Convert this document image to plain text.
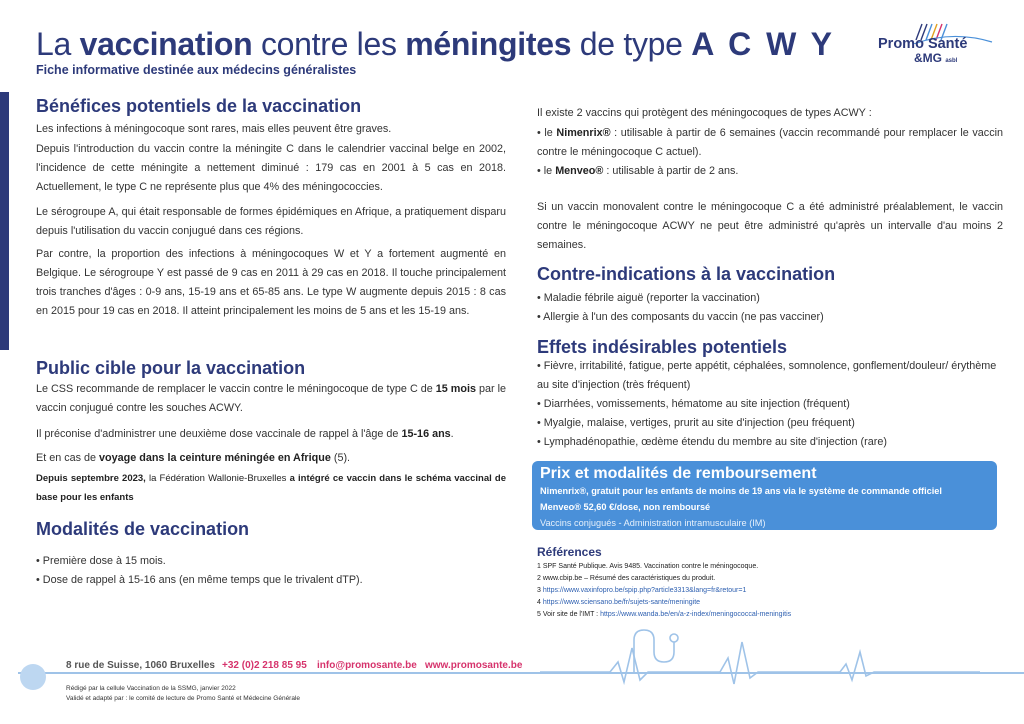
La vaccination contre les méningites de type A C W Y
Fiche informative destinée aux médecins généralistes
Promo Santé
&MG asbl
Bénéfices potentiels de la vaccination
Les infections à méningocoque sont rares, mais elles peuvent être graves.
Depuis l'introduction du vaccin contre la méningite C dans le calendrier vaccinal belge en 2002, l'incidence de cette méningite a nettement diminué : 179 cas en 2001 à 5 cas en 2018. Actuellement, le type C ne représente plus que 4% des méningococcies.
Le sérogroupe A, qui était responsable de formes épidémiques en Afrique, a pratiquement disparu depuis l'utilisation du vaccin conjugué dans ces régions.
Par contre, la proportion des infections à méningocoques W et Y a fortement augmenté en Belgique. Le sérogroupe Y est passé de 9 cas en 2011 à 29 cas en 2018. Il touche principalement trois tranches d'âges : 0-9 ans, 15-19 ans et 65-85 ans. Le type W augmente depuis 2015 : 8 cas en 2015 pour 19 cas en 2018. Il atteint principalement les moins de 5 ans et les 15-19 ans.
Public cible pour la vaccination
Le CSS recommande de remplacer le vaccin contre le méningocoque de type C de 15 mois par le vaccin conjugué contre les souches ACWY.
Il préconise d'administrer une deuxième dose vaccinale de rappel à l'âge de 15-16 ans.
Et en cas de voyage dans la ceinture méningée en Afrique (5).
Depuis septembre 2023, la Fédération Wallonie-Bruxelles a intégré ce vaccin dans le schéma vaccinal de base pour les enfants
Modalités de vaccination
• Première dose à 15 mois.
• Dose de rappel à 15-16 ans (en même temps que le trivalent dTP).
Il existe 2 vaccins qui protègent des méningocoques de types ACWY :
• le Nimenrix® : utilisable à partir de 6 semaines (vaccin recommandé pour remplacer le vaccin contre le méningocoque C actuel).
• le Menveo® : utilisable à partir de 2 ans.
Si un vaccin monovalent contre le méningocoque C a été administré préalablement, le vaccin contre le méningocoque ACWY ne peut être administré qu'après un intervalle d'au moins 2 semaines.
Contre-indications à la vaccination
• Maladie fébrile aiguë (reporter la vaccination)
• Allergie à l'un des composants du vaccin (ne pas vacciner)
Effets indésirables potentiels
• Fièvre, irritabilité, fatigue, perte appétit, céphalées, somnolence, gonflement/douleur/ érythème au site d'injection (très fréquent)
• Diarrhées, vomissements, hématome au site injection (fréquent)
• Myalgie, malaise, vertiges, prurit au site d'injection (peu fréquent)
• Lymphadénopathie, œdème étendu du membre au site d'injection (rare)
Prix et modalités de remboursement
Nimenrix®, gratuit pour les enfants de moins de 19 ans via le système de commande officiel
Menveo® 52,60 €/dose, non remboursé
Vaccins conjugués - Administration intramusculaire (IM)
Références
1 SPF Santé Publique. Avis 9485. Vaccination contre le méningocoque.
2 www.cbip.be – Résumé des caractéristiques du produit.
3 https://www.vaxinfopro.be/spip.php?article3313&lang=fr&retour=1
4 https://www.sciensano.be/fr/sujets-sante/meningite
5 Voir site de l'IMT : https://www.wanda.be/en/a-z-index/meningococcal-meningitis
8 rue de Suisse, 1060 Bruxelles +32 (0)2 218 85 95 info@promosante.be www.promosante.be
Rédigé par la cellule Vaccination de la SSMG, janvier 2022
Validé et adapté par : le comité de lecture de Promo Santé et Médecine Générale
